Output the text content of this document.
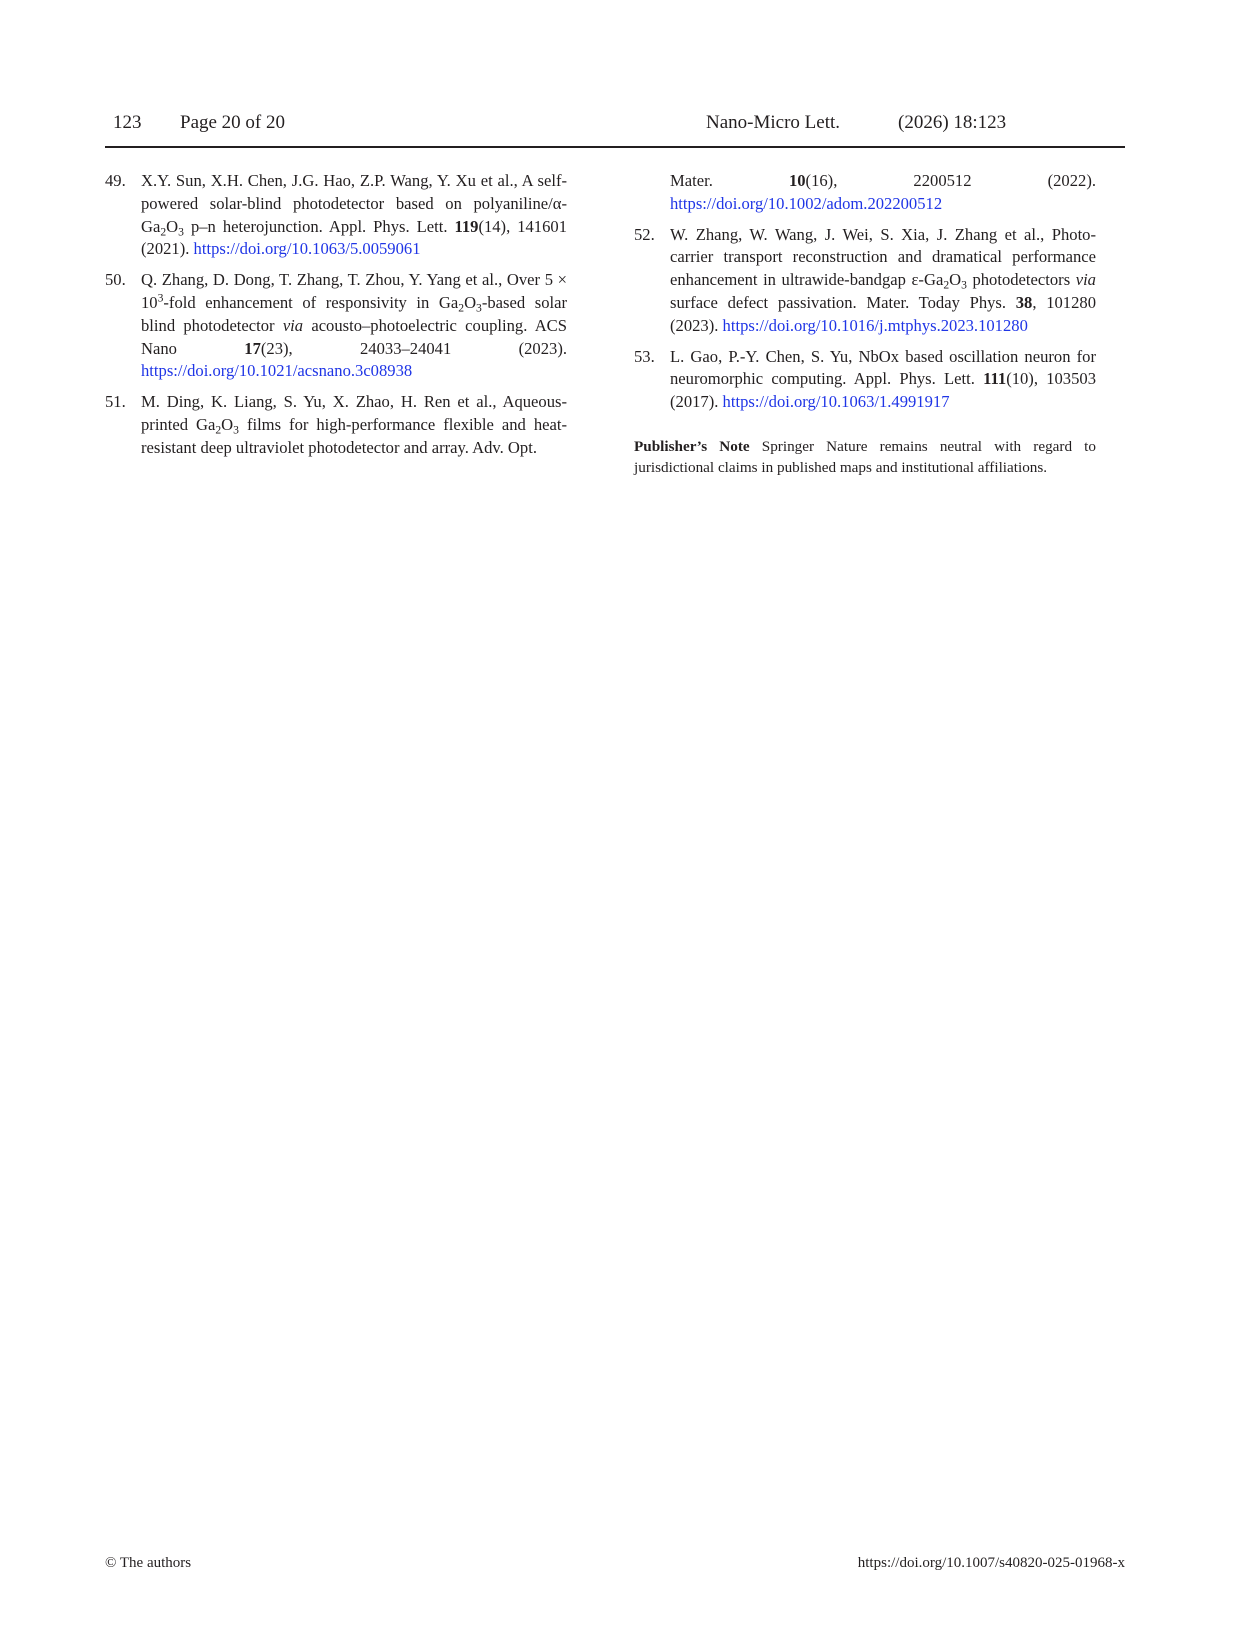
123 Page 20 of 20	Nano-Micro Lett.	(2026) 18:123
49. X.Y. Sun, X.H. Chen, J.G. Hao, Z.P. Wang, Y. Xu et al., A self-powered solar-blind photodetector based on polyaniline/$\alpha-Ga_2O_3$ p–n heterojunction. Appl. Phys. Lett. 119(14), 141601 (2021). https://doi.org/10.1063/5.0059061
50. Q. Zhang, D. Dong, T. Zhang, T. Zhou, Y. Yang et al., Over $5 \times 10^3$-fold enhancement of responsivity in $Ga_2O_3$-based solar blind photodetector via acousto–photoelectric coupling. ACS Nano 17(23), 24033–24041 (2023). https://doi.org/10.1021/acsnano.3c08938
51. M. Ding, K. Liang, S. Yu, X. Zhao, H. Ren et al., Aqueous-printed $Ga_2O_3$ films for high-performance flexible and heat-resistant deep ultraviolet photodetector and array. Adv. Opt.
Mater. 10(16), 2200512 (2022). https://doi.org/10.1002/adom.202200512
52. W. Zhang, W. Wang, J. Wei, S. Xia, J. Zhang et al., Photo-carrier transport reconstruction and dramatical performance enhancement in ultrawide-bandgap $\varepsilon-Ga_2O_3$ photodetectors via surface defect passivation. Mater. Today Phys. 38, 101280 (2023). https://doi.org/10.1016/j.mtphys.2023.101280
53. L. Gao, P.-Y. Chen, S. Yu, NbOx based oscillation neuron for neuromorphic computing. Appl. Phys. Lett. 111(10), 103503 (2017). https://doi.org/10.1063/1.4991917
Publisher’s Note Springer Nature remains neutral with regard to jurisdictional claims in published maps and institutional affiliations.
© The authors	https://doi.org/10.1007/s40820-025-01968-x
